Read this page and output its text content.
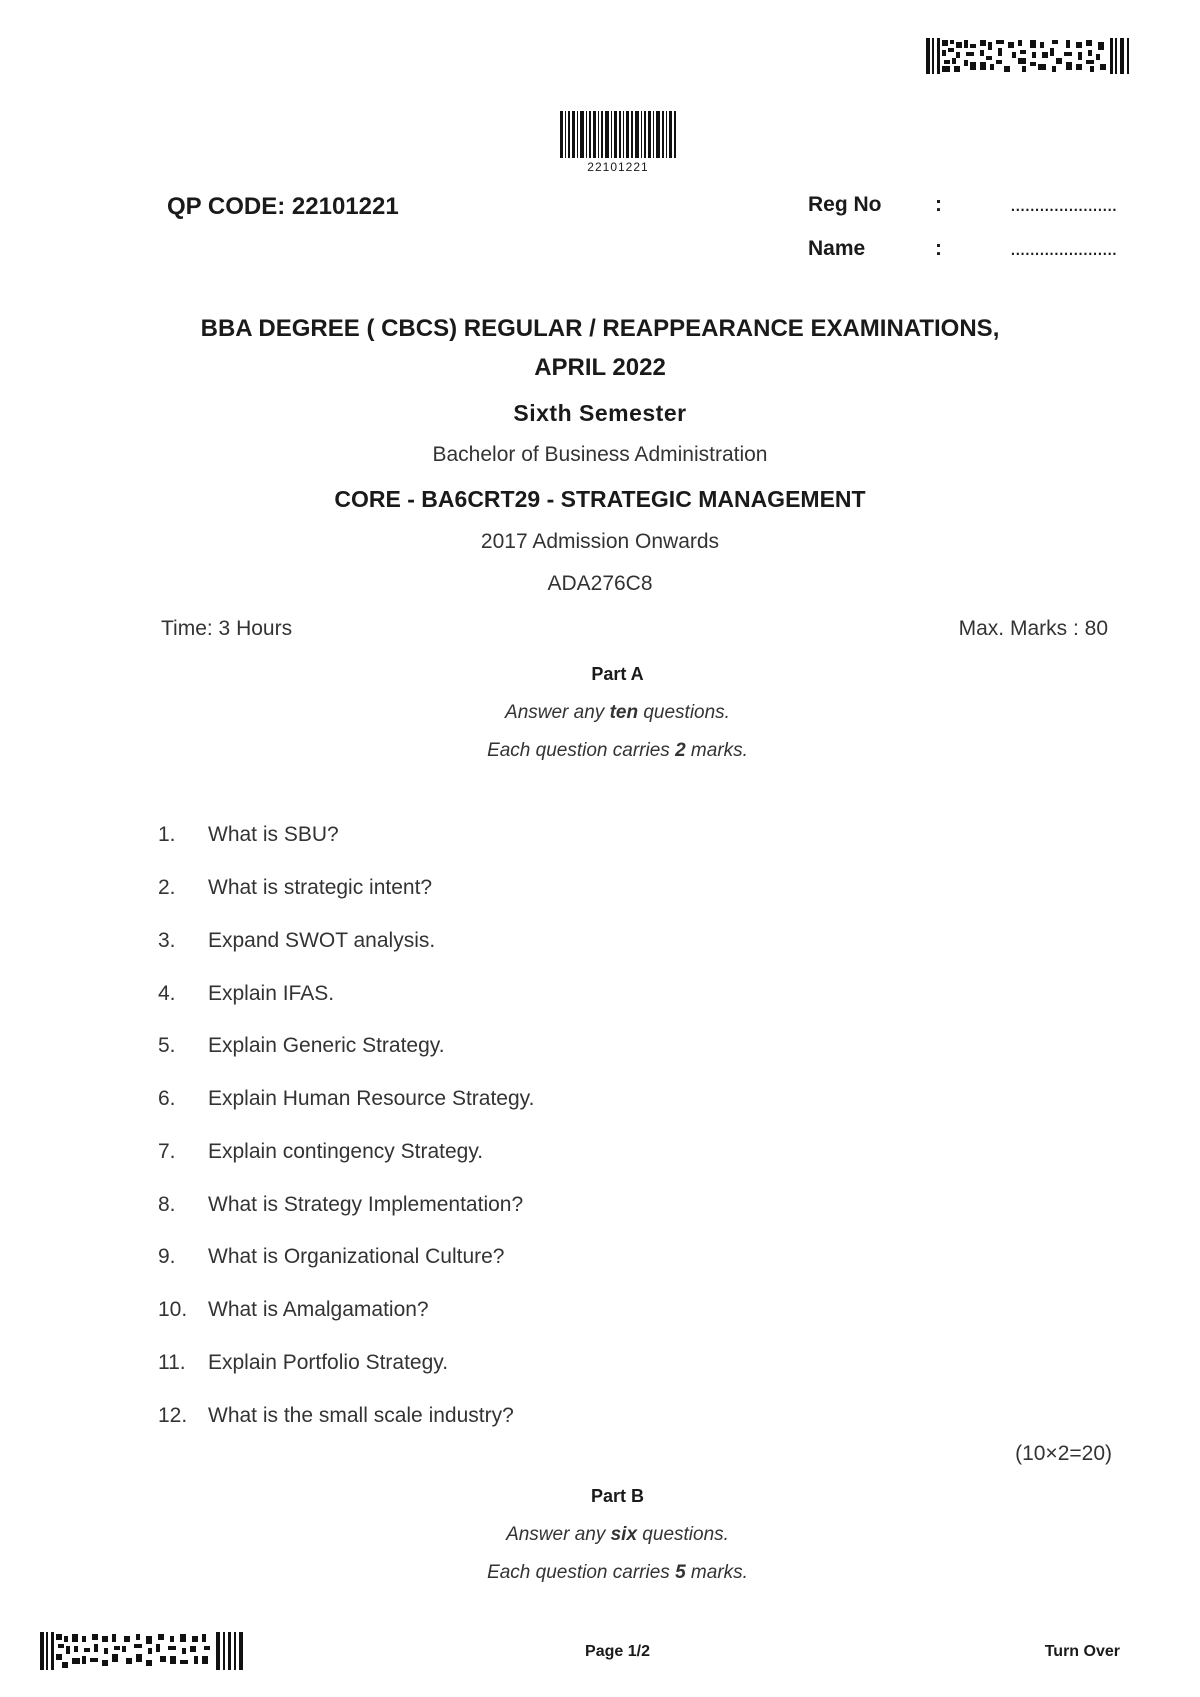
22101221
QP CODE: 22101221	Reg No	:	......................
Name	:	......................
BBA DEGREE ( CBCS) REGULAR / REAPPEARANCE EXAMINATIONS,
APRIL 2022
Sixth Semester
Bachelor of Business Administration
CORE - BA6CRT29 - STRATEGIC MANAGEMENT
2017 Admission Onwards
ADA276C8
Time: 3 Hours	Max. Marks : 80
Part A
Answer any ten questions.
Each question carries 2 marks.
1.	What is SBU?
2.	What is strategic intent?
3.	Expand SWOT analysis.
4.	Explain IFAS.
5.	Explain Generic Strategy.
6.	Explain Human Resource Strategy.
7.	Explain contingency Strategy.
8.	What is Strategy Implementation?
9.	What is Organizational Culture?
10. What is Amalgamation?
11.	Explain Portfolio Strategy.
12. What is the small scale industry?
(10×2=20)
Part B
Answer any six questions.
Each question carries 5 marks.
Page 1/2	Turn Over
